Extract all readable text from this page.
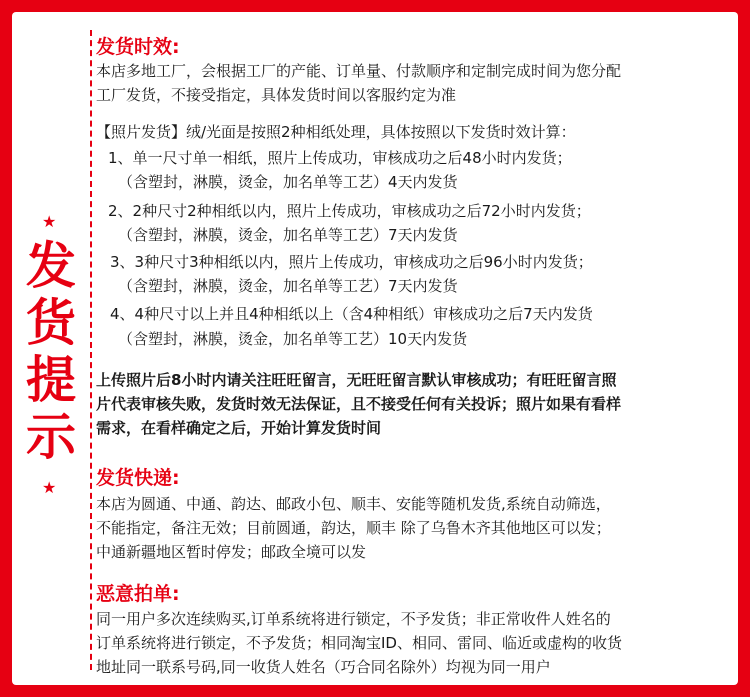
★
发货提示
★
发货时效:
本店多地工厂，会根据工厂的产能、订单量、付款顺序和定制完成时间为您分配
工厂发货，不接受指定，具体发货时间以客服约定为准
【照片发货】绒/光面是按照2种相纸处理，具体按照以下发货时效计算：
1、单一尺寸单一相纸，照片上传成功，审核成功之后48小时内发货；
（含塑封，淋膜，烫金，加名单等工艺）4天内发货
2、2种尺寸2种相纸以内，照片上传成功，审核成功之后72小时内发货；
（含塑封，淋膜，烫金，加名单等工艺）7天内发货
3、3种尺寸3种相纸以内，照片上传成功，审核成功之后96小时内发货；
（含塑封，淋膜，烫金，加名单等工艺）7天内发货
4、4种尺寸以上并且4种相纸以上（含4种相纸）审核成功之后7天内发货
（含塑封，淋膜，烫金，加名单等工艺）10天内发货
上传照片后8小时内请关注旺旺留言，无旺旺留言默认审核成功；有旺旺留言照
片代表审核失败，发货时效无法保证，且不接受任何有关投诉；照片如果有看样
需求，在看样确定之后，开始计算发货时间
发货快递:
本店为圆通、中通、韵达、邮政小包、顺丰、安能等随机发货,系统自动筛选，
不能指定，备注无效；目前圆通，韵达，顺丰 除了乌鲁木齐其他地区可以发；
中通新疆地区暂时停发；邮政全境可以发
恶意拍单:
同一用户多次连续购买,订单系统将进行锁定，不予发货；非正常收件人姓名的
订单系统将进行锁定，不予发货；相同淘宝ID、相同、雷同、临近或虚构的收货
地址同一联系号码,同一收货人姓名（巧合同名除外）均视为同一用户
